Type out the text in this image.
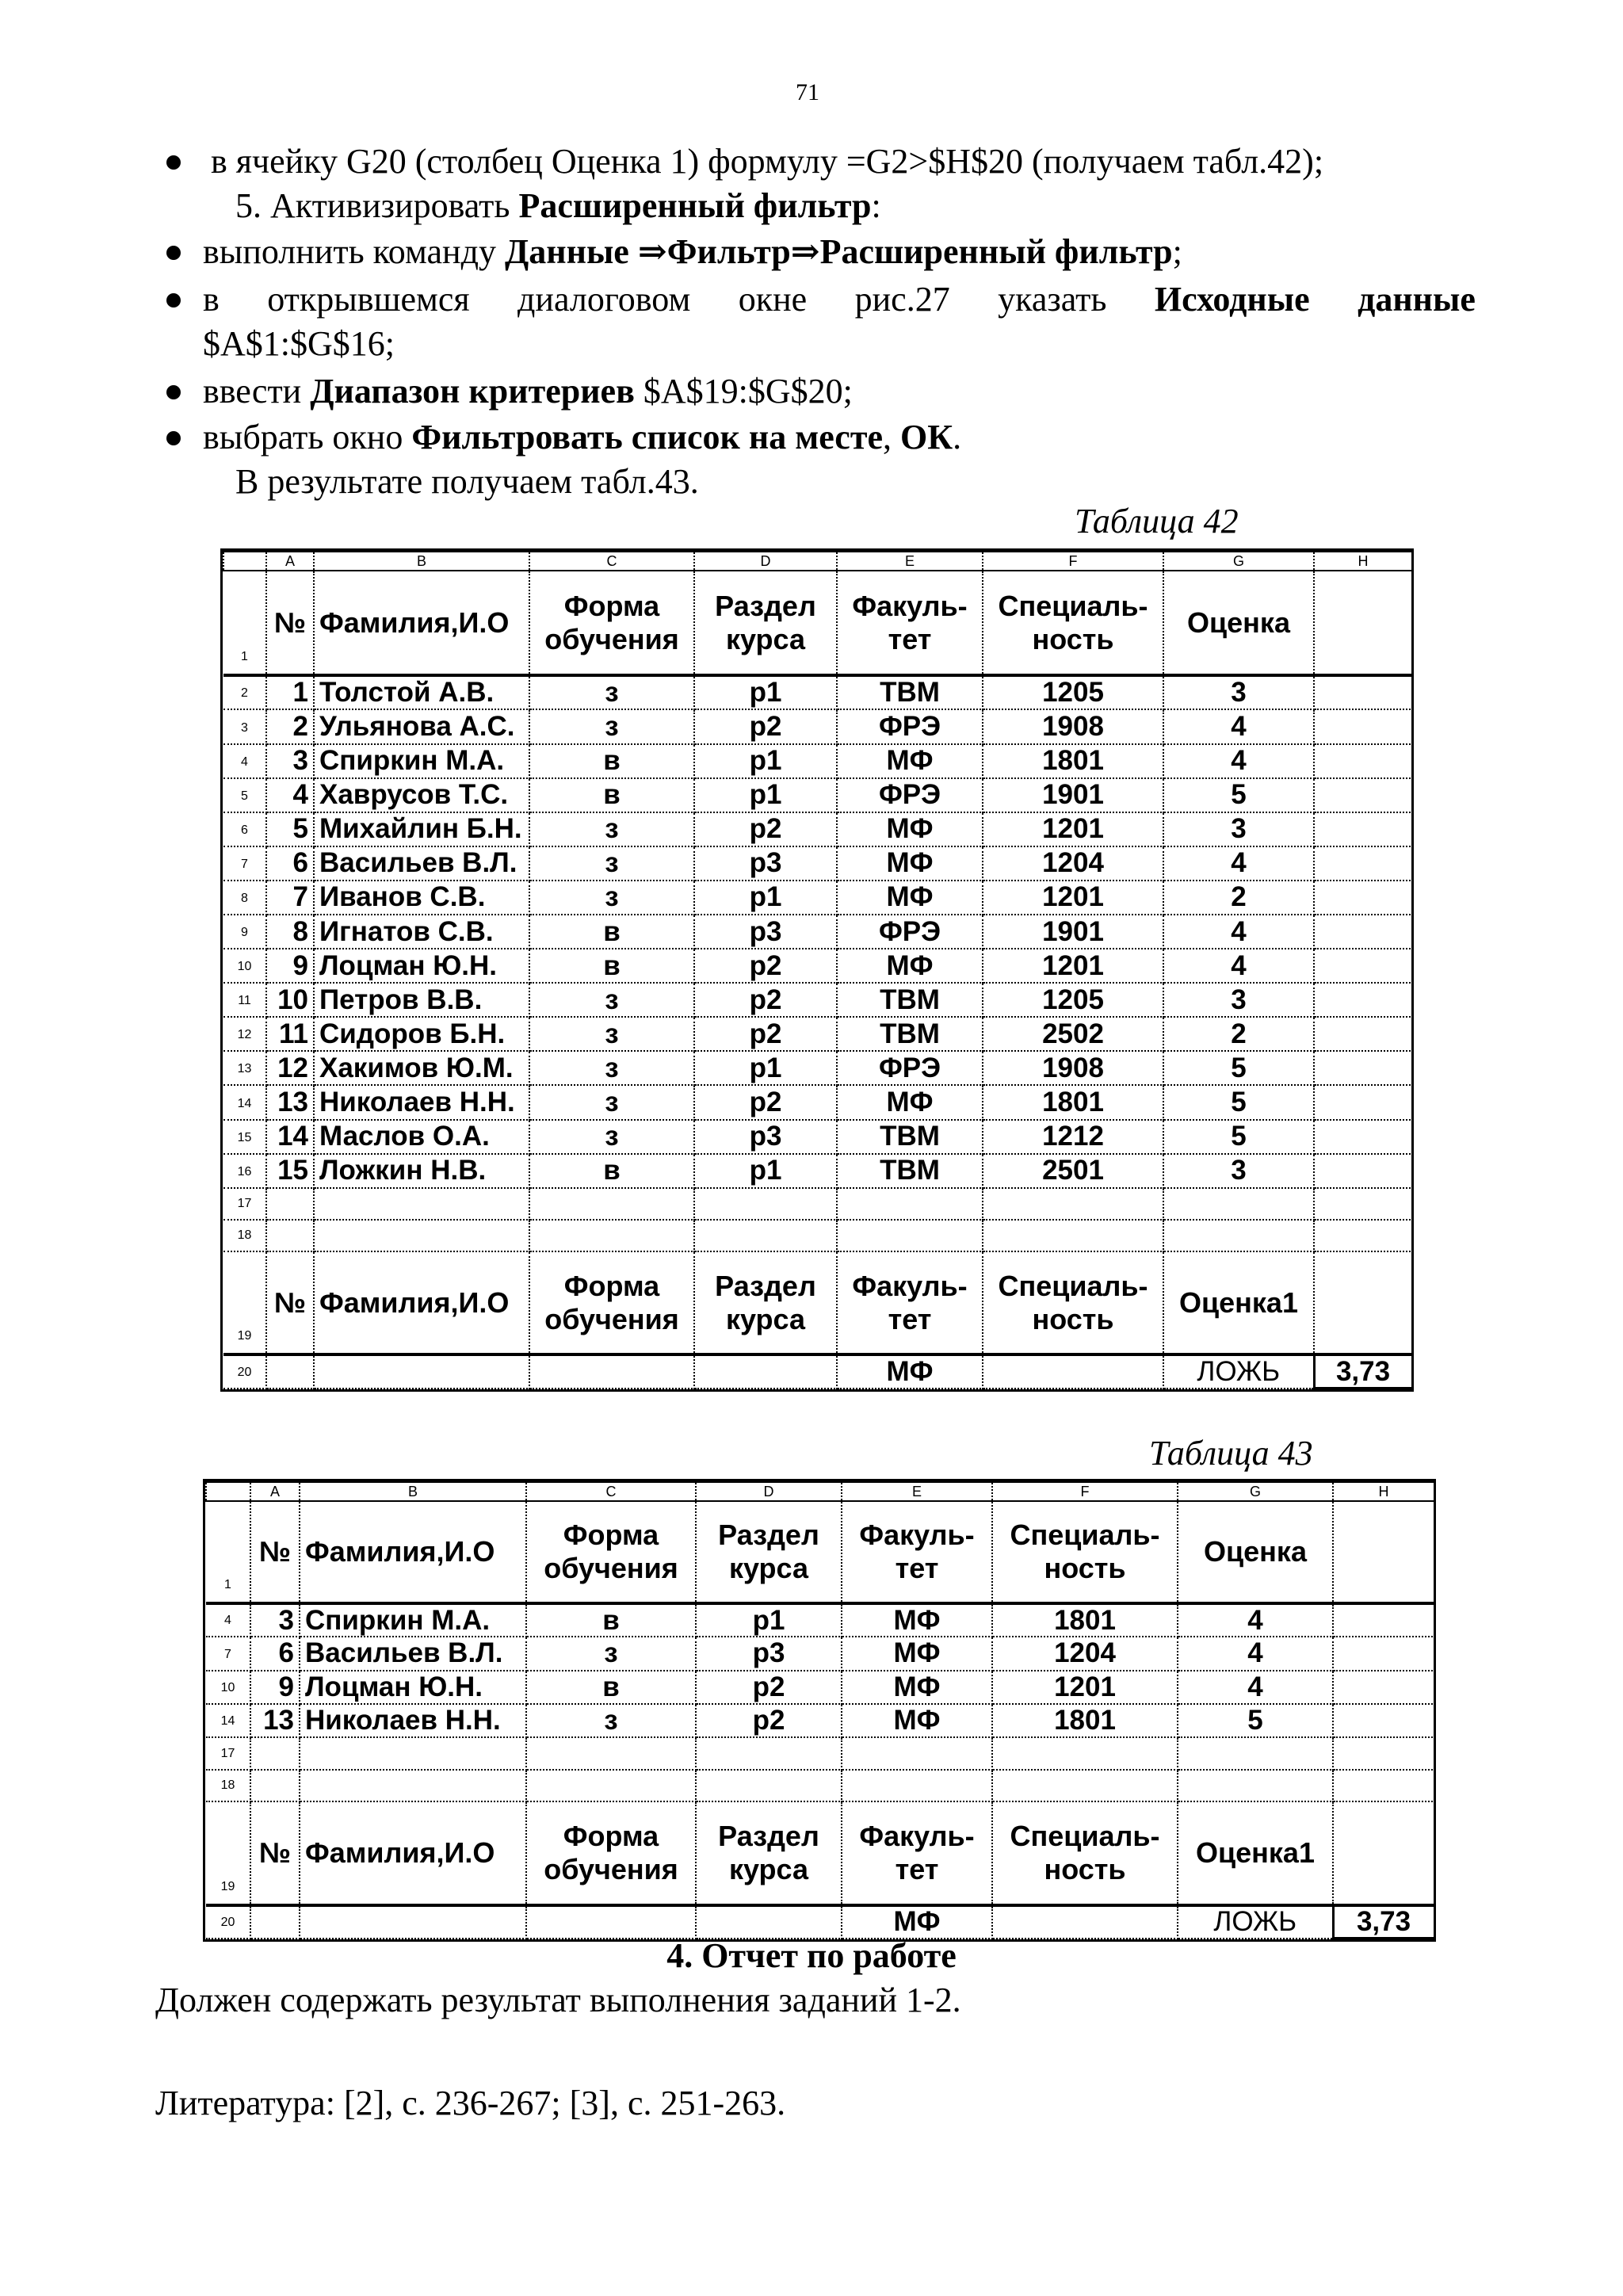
71
в ячейку G20 (столбец Оценка 1) формулу =G2>$H$20 (получаем табл.42);
5. Активизировать Расширенный фильтр:
выполнить команду Данные ⇒Фильтр⇒Расширенный фильтр;
в открывшемся диалоговом окне рис.27 указать Исходные данные
$A$1:$G$16;
ввести Диапазон критериев $A$19:$G$20;
выбрать окно Фильтровать список на месте, ОК.
В результате получаем табл.43.
Таблица 42
	A	B	C	D	E	F	G	H
1	№	Фамилия,И.О	Форма обучения	Раздел курса	Факуль-тет	Специаль-ность	Оценка	
2	1	Толстой А.В.	з	р1	ТВМ	1205	3	
3	2	Ульянова А.С.	з	р2	ФРЭ	1908	4	
4	3	Спиркин М.А.	в	р1	МФ	1801	4	
5	4	Хаврусов Т.С.	в	р1	ФРЭ	1901	5	
6	5	Михайлин Б.Н.	з	р2	МФ	1201	3	
7	6	Васильев В.Л.	з	р3	МФ	1204	4	
8	7	Иванов С.В.	з	р1	МФ	1201	2	
9	8	Игнатов С.В.	в	р3	ФРЭ	1901	4	
10	9	Лоцман Ю.Н.	в	р2	МФ	1201	4	
11	10	Петров В.В.	з	р2	ТВМ	1205	3	
12	11	Сидоров Б.Н.	з	р2	ТВМ	2502	2	
13	12	Хакимов Ю.М.	з	р1	ФРЭ	1908	5	
14	13	Николаев Н.Н.	з	р2	МФ	1801	5	
15	14	Маслов О.А.	з	р3	ТВМ	1212	5	
16	15	Ложкин Н.В.	в	р1	ТВМ	2501	3	
17								
18								
19	№	Фамилия,И.О	Форма обучения	Раздел курса	Факуль-тет	Специаль-ность	Оценка1	
20					МФ		ЛОЖЬ	3,73
Таблица 43
	A	B	C	D	E	F	G	H
1	№	Фамилия,И.О	Форма обучения	Раздел курса	Факуль-тет	Специаль-ность	Оценка	
4	3	Спиркин М.А.	в	р1	МФ	1801	4	
7	6	Васильев В.Л.	з	р3	МФ	1204	4	
10	9	Лоцман Ю.Н.	в	р2	МФ	1201	4	
14	13	Николаев Н.Н.	з	р2	МФ	1801	5	
17								
18								
19	№	Фамилия,И.О	Форма обучения	Раздел курса	Факуль-тет	Специаль-ность	Оценка1	
20					МФ		ЛОЖЬ	3,73
4. Отчет по работе
Должен содержать результат выполнения заданий 1-2.
Литература: [2], с. 236-267; [3], с. 251-263.
